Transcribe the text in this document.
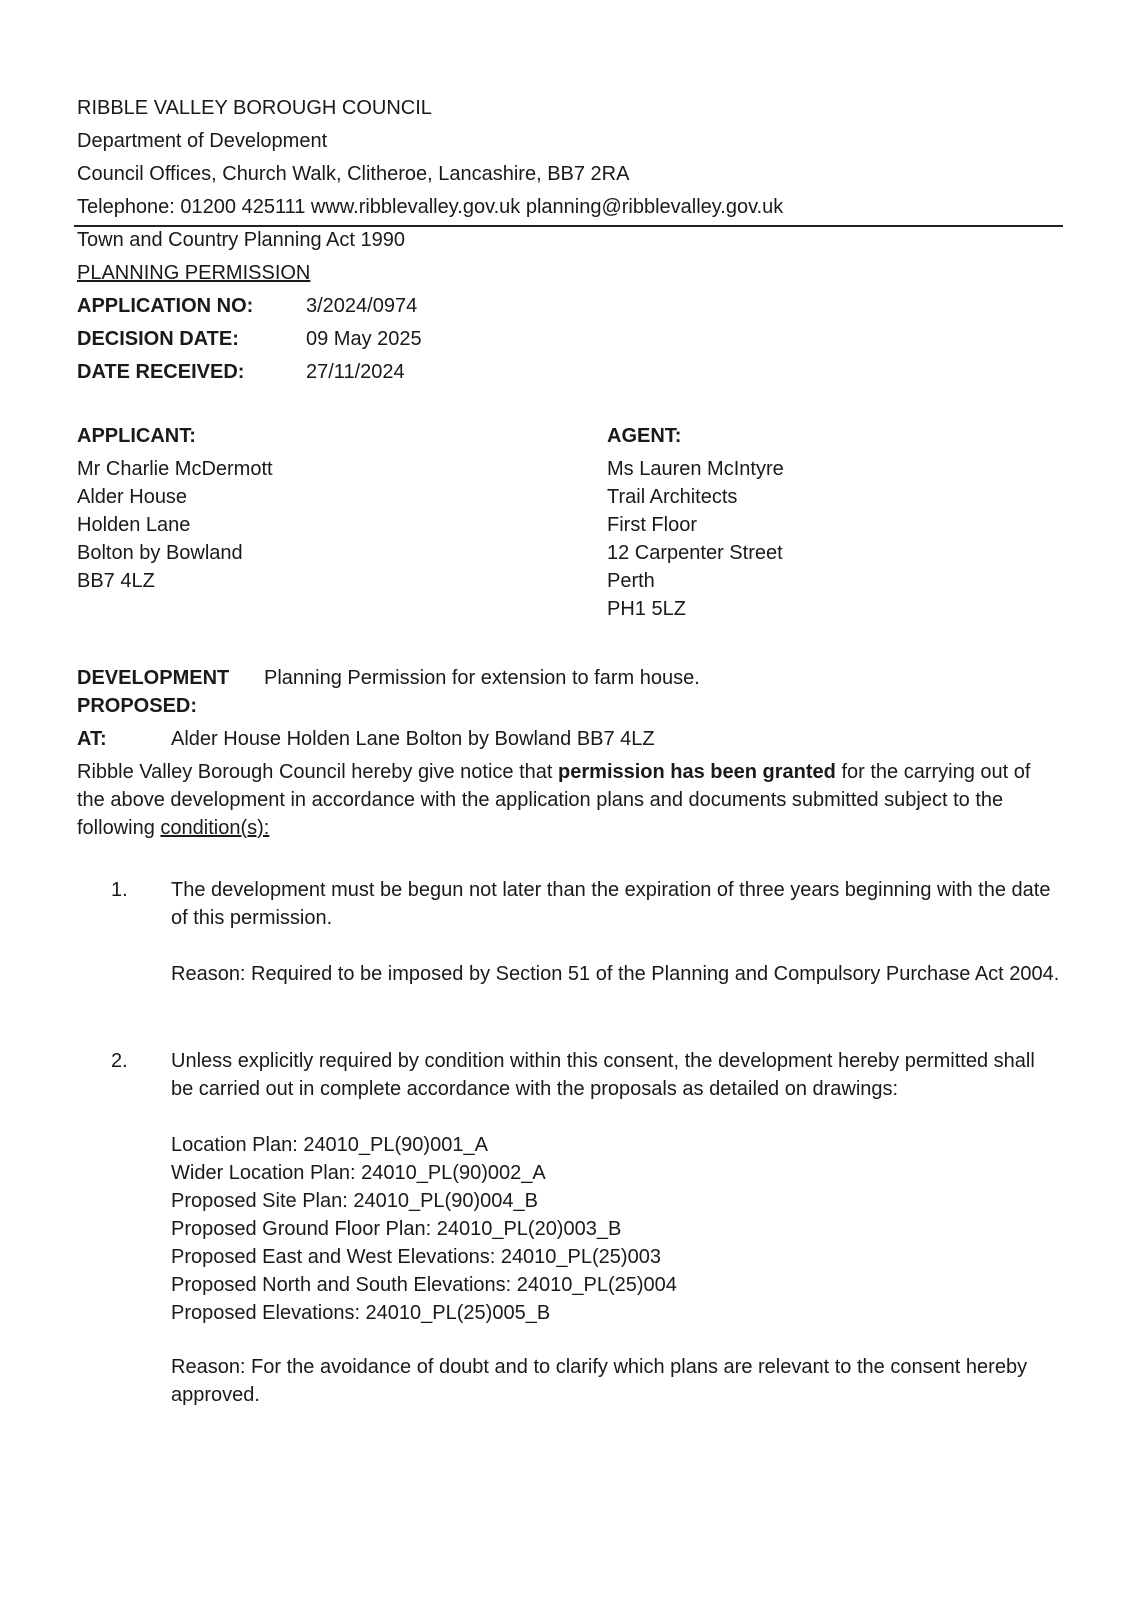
RIBBLE VALLEY BOROUGH COUNCIL
Department of Development
Council Offices, Church Walk, Clitheroe, Lancashire, BB7 2RA
Telephone: 01200 425111 www.ribblevalley.gov.uk planning@ribblevalley.gov.uk
Town and Country Planning Act 1990
PLANNING PERMISSION
APPLICATION NO:	3/2024/0974
DECISION DATE:	09 May 2025
DATE RECEIVED:	27/11/2024
APPLICANT:
Mr Charlie McDermott
Alder House
Holden Lane
Bolton by Bowland
BB7 4LZ
AGENT:
Ms Lauren McIntyre
Trail Architects
First Floor
12 Carpenter Street
Perth
PH1 5LZ
DEVELOPMENT
PROPOSED:
Planning Permission for extension to farm house.
AT:	Alder House Holden Lane Bolton by Bowland BB7 4LZ
Ribble Valley Borough Council hereby give notice that permission has been granted for the carrying out of the above development in accordance with the application plans and documents submitted subject to the following condition(s):
1. The development must be begun not later than the expiration of three years beginning with the date of this permission.
Reason: Required to be imposed by Section 51 of the Planning and Compulsory Purchase Act 2004.
2. Unless explicitly required by condition within this consent, the development hereby permitted shall be carried out in complete accordance with the proposals as detailed on drawings:
Location Plan: 24010_PL(90)001_A
Wider Location Plan: 24010_PL(90)002_A
Proposed Site Plan: 24010_PL(90)004_B
Proposed Ground Floor Plan: 24010_PL(20)003_B
Proposed East and West Elevations: 24010_PL(25)003
Proposed North and South Elevations: 24010_PL(25)004
Proposed Elevations: 24010_PL(25)005_B
Reason: For the avoidance of doubt and to clarify which plans are relevant to the consent hereby approved.
